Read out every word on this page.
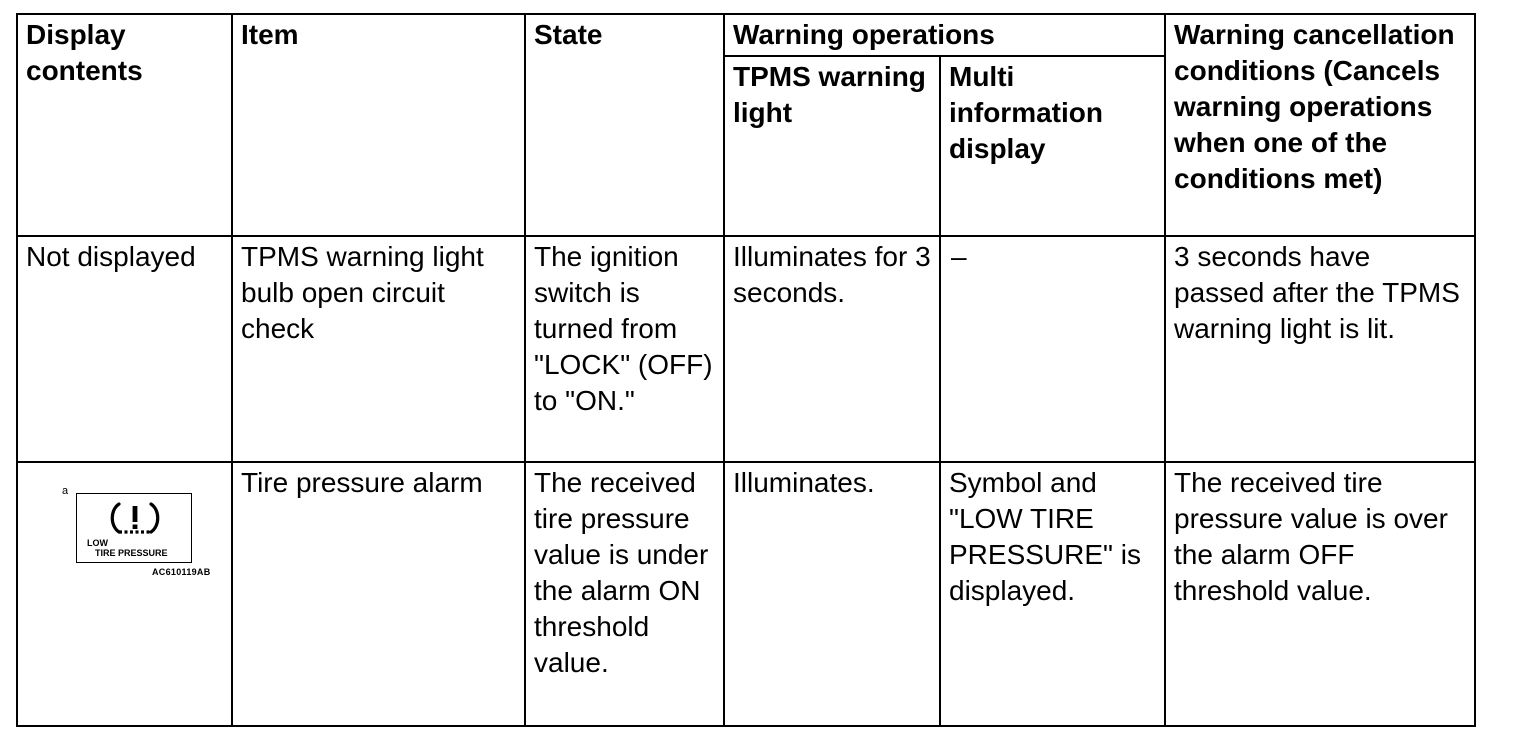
Display contents	Item	State	Warning operations		Warning cancellation conditions (Cancels warning operations when one of the conditions met)
			TPMS warning light	Multi information display	
Not displayed	TPMS warning light bulb open circuit check	The ignition switch is turned from "LOCK" (OFF) to "ON."	Illuminates for 3 seconds.	–	3 seconds have passed after the TPMS warning light is lit.

a
LOW
TIRE PRESSURE
AC610119AB	Tire pressure alarm	The received tire pressure value is under the alarm ON threshold value.	Illuminates.	Symbol and "LOW TIRE PRESSURE" is displayed.	The received tire pressure value is over the alarm OFF threshold value.
